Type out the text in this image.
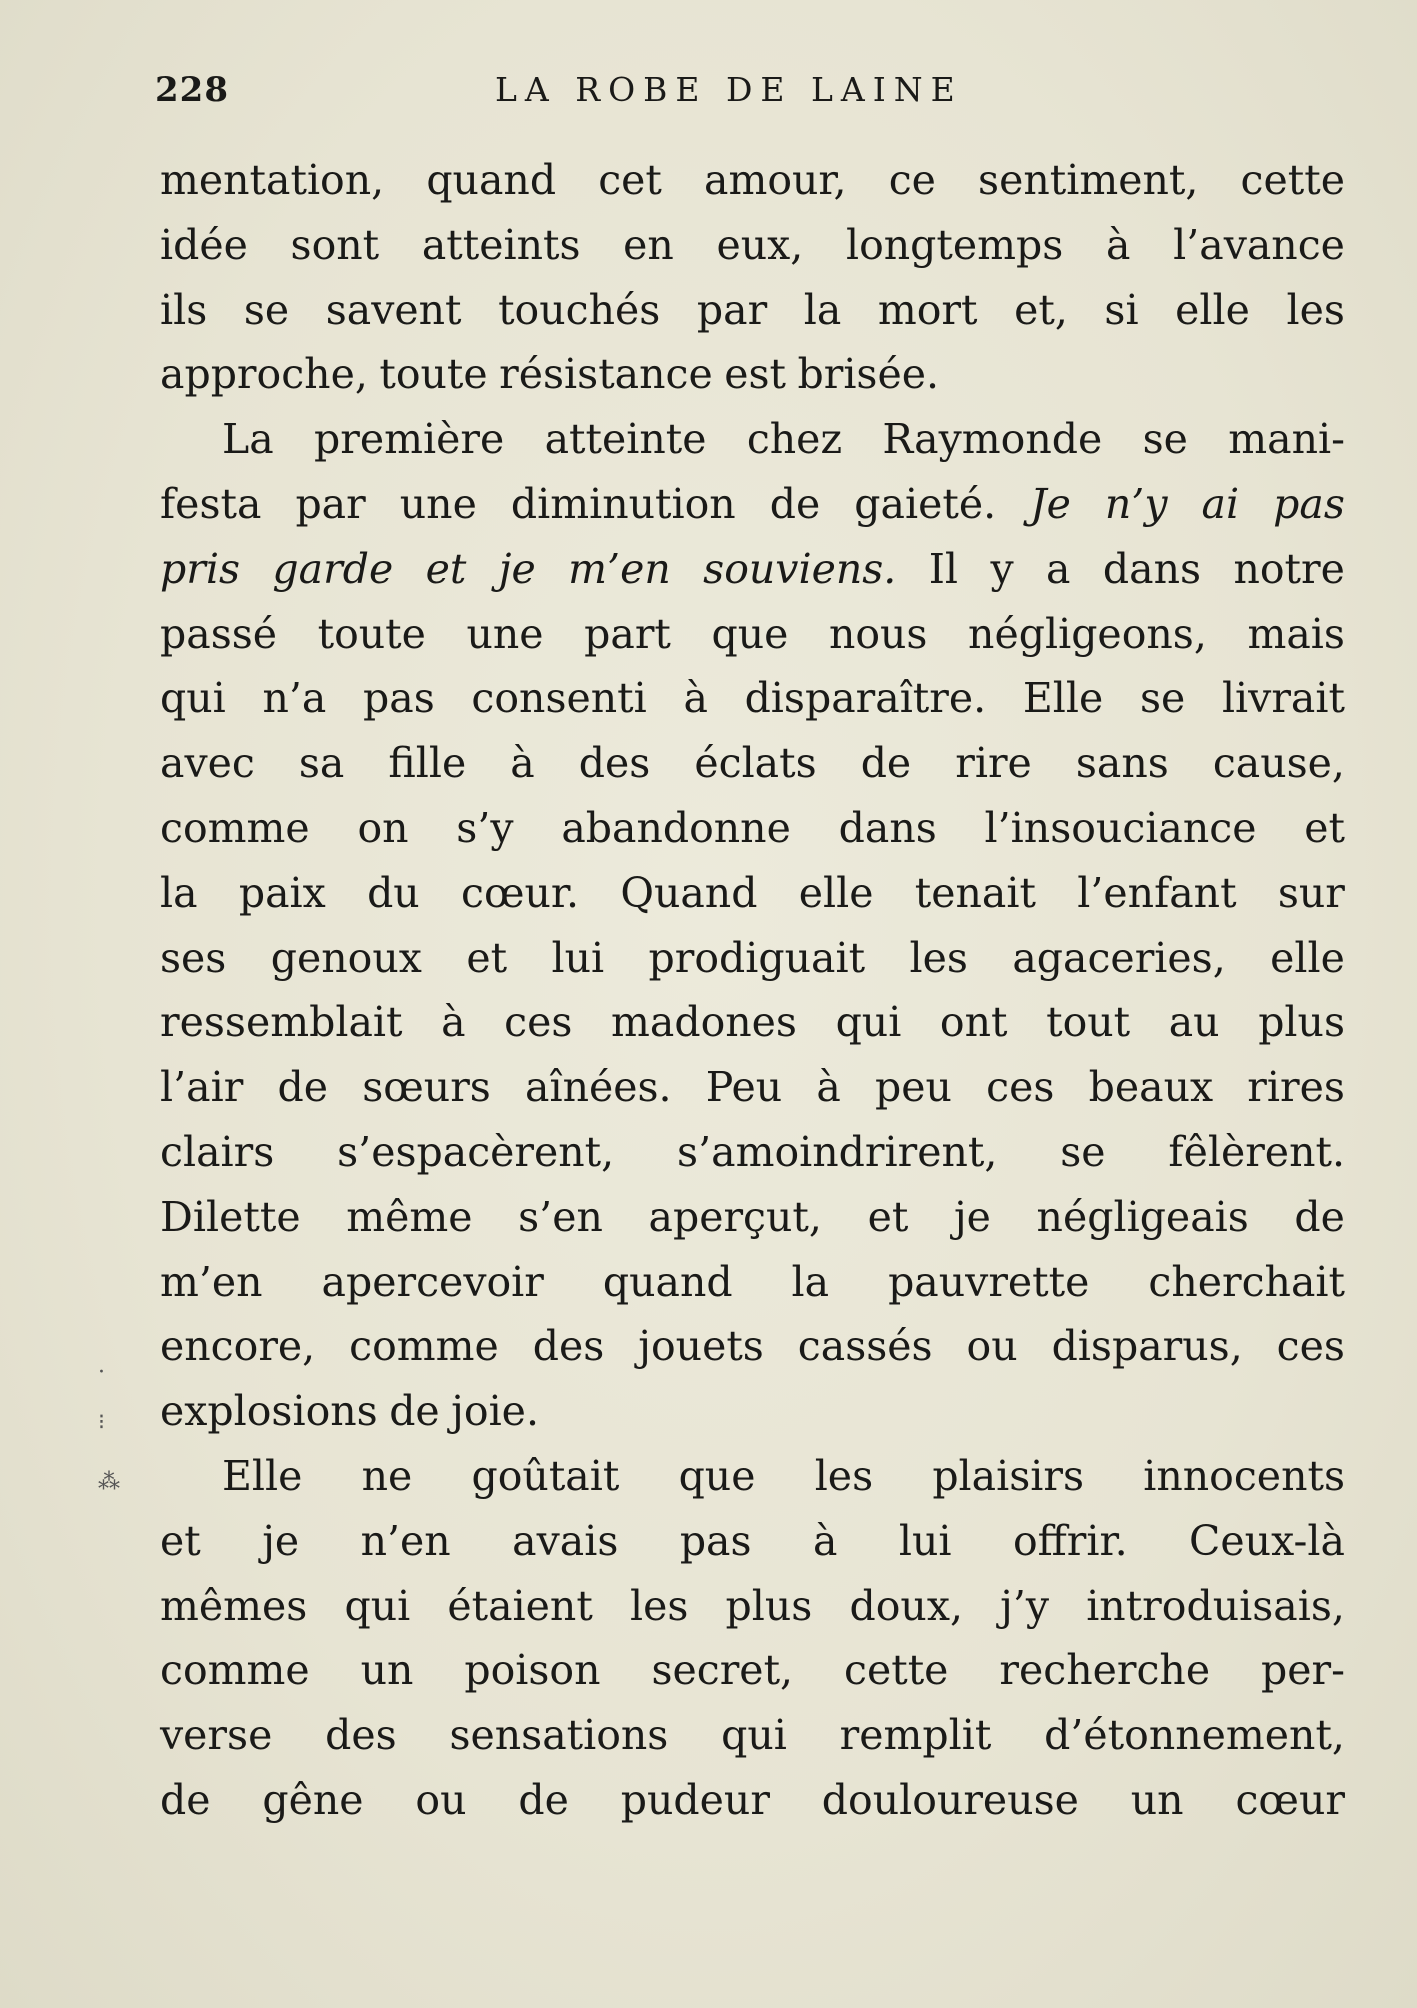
228	LA ROBE DE LAINE
mentation, quand cet amour, ce sentiment, cette
idée sont atteints en eux, longtemps à l’avance
ils se savent touchés par la mort et, si elle les
approche, toute résistance est brisée.
La première atteinte chez Raymonde se mani-
festa par une diminution de gaieté. Je n’y ai pas
pris garde et je m’en souviens. Il y a dans notre
passé toute une part que nous négligeons, mais
qui n’a pas consenti à disparaître. Elle se livrait
avec sa fille à des éclats de rire sans cause,
comme on s’y abandonne dans l’insouciance et
la paix du cœur. Quand elle tenait l’enfant sur
ses genoux et lui prodiguait les agaceries, elle
ressemblait à ces madones qui ont tout au plus
l’air de sœurs aînées. Peu à peu ces beaux rires
clairs s’espacèrent, s’amoindrirent, se fêlèrent.
Dilette même s’en aperçut, et je négligeais de
m’en apercevoir quand la pauvrette cherchait
encore, comme des jouets cassés ou disparus, ces
explosions de joie.
Elle ne goûtait que les plaisirs innocents
et je n’en avais pas à lui offrir. Ceux-là
mêmes qui étaient les plus doux, j’y introduisais,
comme un poison secret, cette recherche per-
verse des sensations qui remplit d’étonnement,
de gêne ou de pudeur douloureuse un cœur
·
⁝
⁂
